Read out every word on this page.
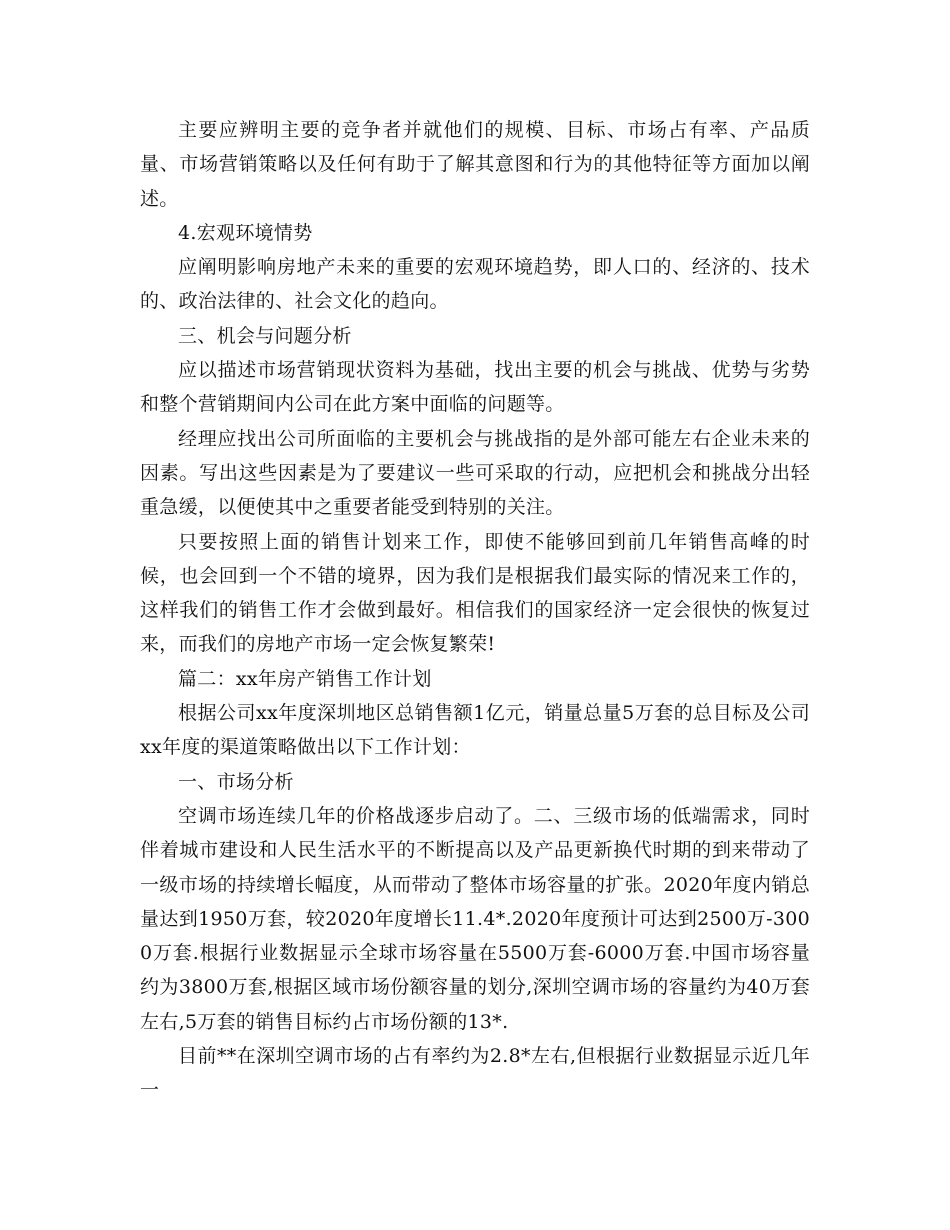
主要应辨明主要的竞争者并就他们的规模、目标、市场占有率、产品质量、市场营销策略以及任何有助于了解其意图和行为的其他特征等方面加以阐述。

4.宏观环境情势

应阐明影响房地产未来的重要的宏观环境趋势，即人口的、经济的、技术的、政治法律的、社会文化的趋向。

三、机会与问题分析

应以描述市场营销现状资料为基础，找出主要的机会与挑战、优势与劣势和整个营销期间内公司在此方案中面临的问题等。

经理应找出公司所面临的主要机会与挑战指的是外部可能左右企业未来的因素。写出这些因素是为了要建议一些可采取的行动，应把机会和挑战分出轻重急缓，以便使其中之重要者能受到特别的关注。

只要按照上面的销售计划来工作，即使不能够回到前几年销售高峰的时候，也会回到一个不错的境界，因为我们是根据我们最实际的情况来工作的，这样我们的销售工作才会做到最好。相信我们的国家经济一定会很快的恢复过来，而我们的房地产市场一定会恢复繁荣!

篇二：xx年房产销售工作计划

根据公司xx年度深圳地区总销售额1亿元，销量总量5万套的总目标及公司xx年度的渠道策略做出以下工作计划：

一、市场分析

空调市场连续几年的价格战逐步启动了。二、三级市场的低端需求，同时伴着城市建设和人民生活水平的不断提高以及产品更新换代时期的到来带动了一级市场的持续增长幅度，从而带动了整体市场容量的扩张。2020年度内销总量达到1950万套，较2020年度增长11.4*.2020年度预计可达到2500万-3000万套.根据行业数据显示全球市场容量在5500万套-6000万套.中国市场容量约为3800万套,根据区域市场份额容量的划分,深圳空调市场的容量约为40万套左右,5万套的销售目标约占市场份额的13*.

目前**在深圳空调市场的占有率约为2.8*左右,但根据行业数据显示近几年一
